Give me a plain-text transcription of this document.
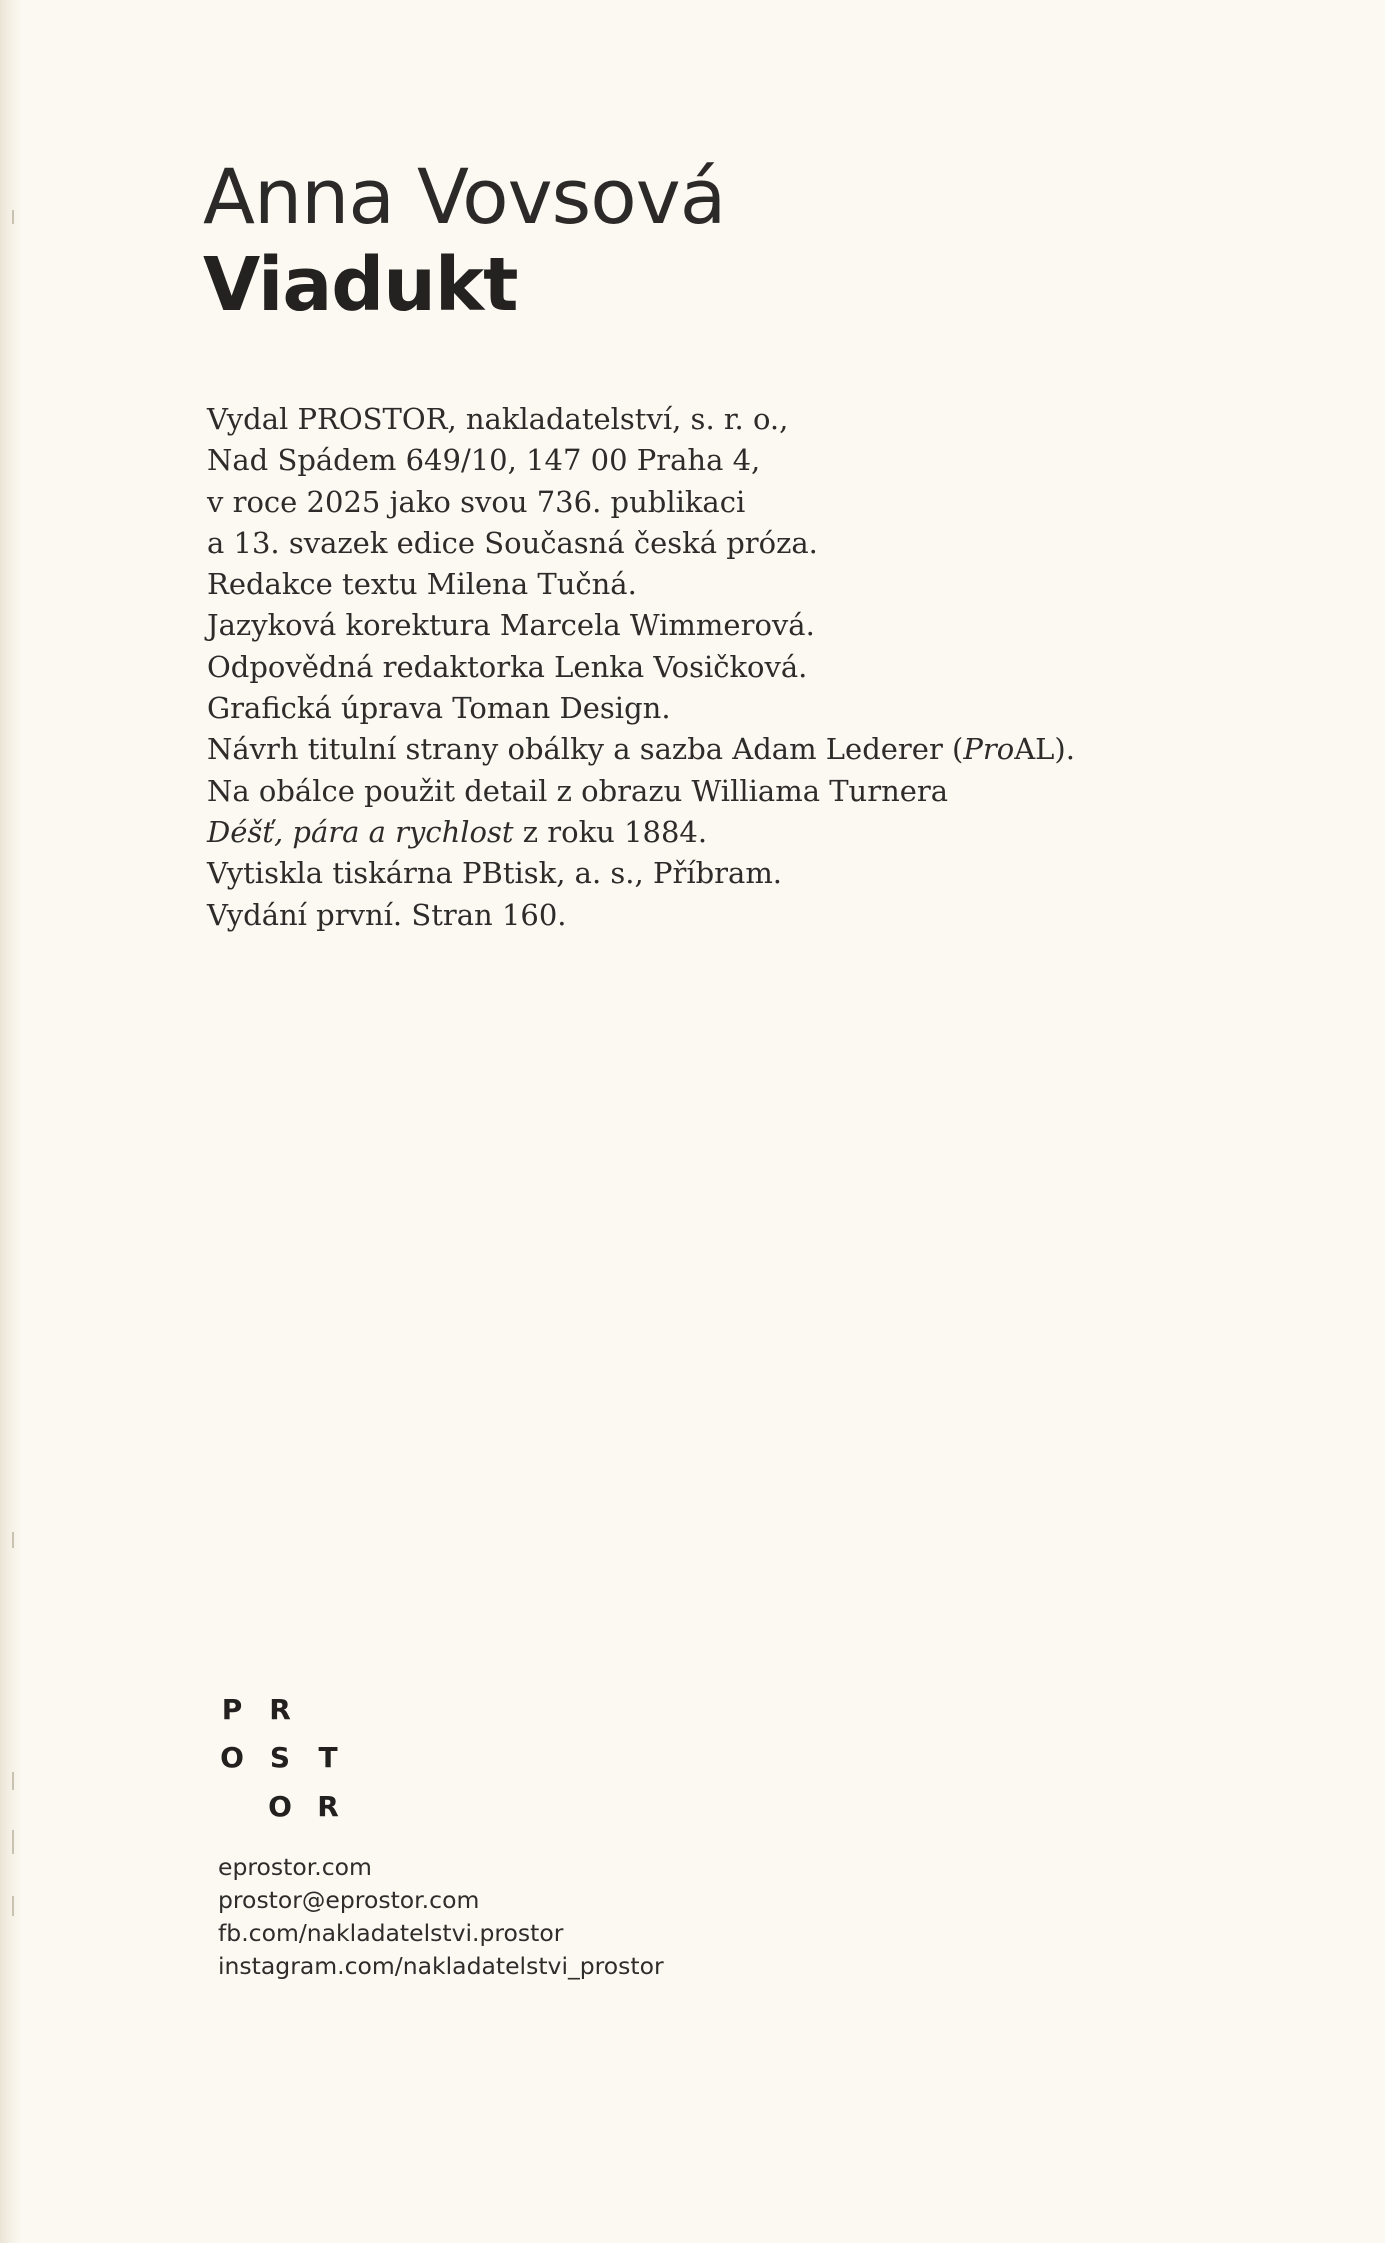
Anna Vovsová
Viadukt
Vydal PROSTOR, nakladatelství, s. r. o.,
Nad Spádem 649/10, 147 00 Praha 4,
v roce 2025 jako svou 736. publikaci
a 13. svazek edice Současná česká próza.
Redakce textu Milena Tučná.
Jazyková korektura Marcela Wimmerová.
Odpovědná redaktorka Lenka Vosičková.
Grafická úprava Toman Design.
Návrh titulní strany obálky a sazba Adam Lederer (ProAL).
Na obálce použit detail z obrazu Williama Turnera
Déšť, pára a rychlost z roku 1884.
Vytiskla tiskárna PBtisk, a. s., Příbram.
Vydání první. Stran 160.
P R
O S T
O R
eprostor.com
prostor@eprostor.com
fb.com/nakladatelstvi.prostor
instagram.com/nakladatelstvi_prostor
